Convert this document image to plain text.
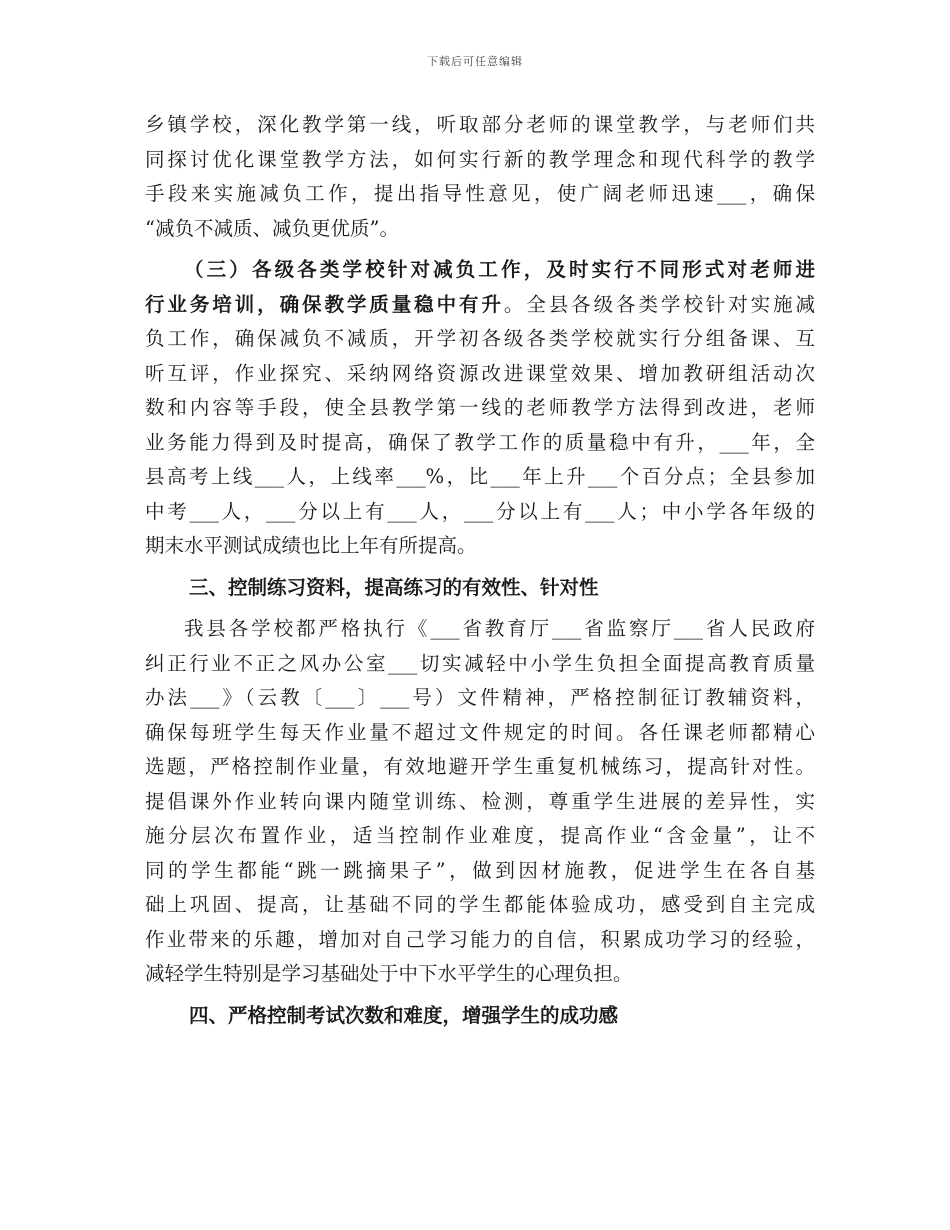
下载后可任意编辑
乡镇学校，深化教学第一线，听取部分老师的课堂教学，与老师们共
同探讨优化课堂教学方法，如何实行新的教学理念和现代科学的教学
手段来实施减负工作，提出指导性意见，使广阔老师迅速___，确保
“减负不减质、减负更优质”。
（三）各级各类学校针对减负工作，及时实行不同形式对老师进
行业务培训，确保教学质量稳中有升。全县各级各类学校针对实施减
负工作，确保减负不减质，开学初各级各类学校就实行分组备课、互
听互评，作业探究、采纳网络资源改进课堂效果、增加教研组活动次
数和内容等手段，使全县教学第一线的老师教学方法得到改进，老师
业务能力得到及时提高，确保了教学工作的质量稳中有升，___年，全
县高考上线___人，上线率___%，比___年上升___个百分点；全县参加
中考___人，___分以上有___人，___分以上有___人；中小学各年级的
期末水平测试成绩也比上年有所提高。
三、控制练习资料，提高练习的有效性、针对性
我县各学校都严格执行《___省教育厅___省监察厅___省人民政府
纠正行业不正之风办公室___切实减轻中小学生负担全面提高教育质量
办法___》（云教〔___〕___号）文件精神，严格控制征订教辅资料，
确保每班学生每天作业量不超过文件规定的时间。各任课老师都精心
选题，严格控制作业量，有效地避开学生重复机械练习，提高针对性。
提倡课外作业转向课内随堂训练、检测，尊重学生进展的差异性，实
施分层次布置作业，适当控制作业难度，提高作业“含金量”，让不
同的学生都能“跳一跳摘果子”，做到因材施教，促进学生在各自基
础上巩固、提高，让基础不同的学生都能体验成功，感受到自主完成
作业带来的乐趣，增加对自己学习能力的自信，积累成功学习的经验，
减轻学生特别是学习基础处于中下水平学生的心理负担。
四、严格控制考试次数和难度，增强学生的成功感
